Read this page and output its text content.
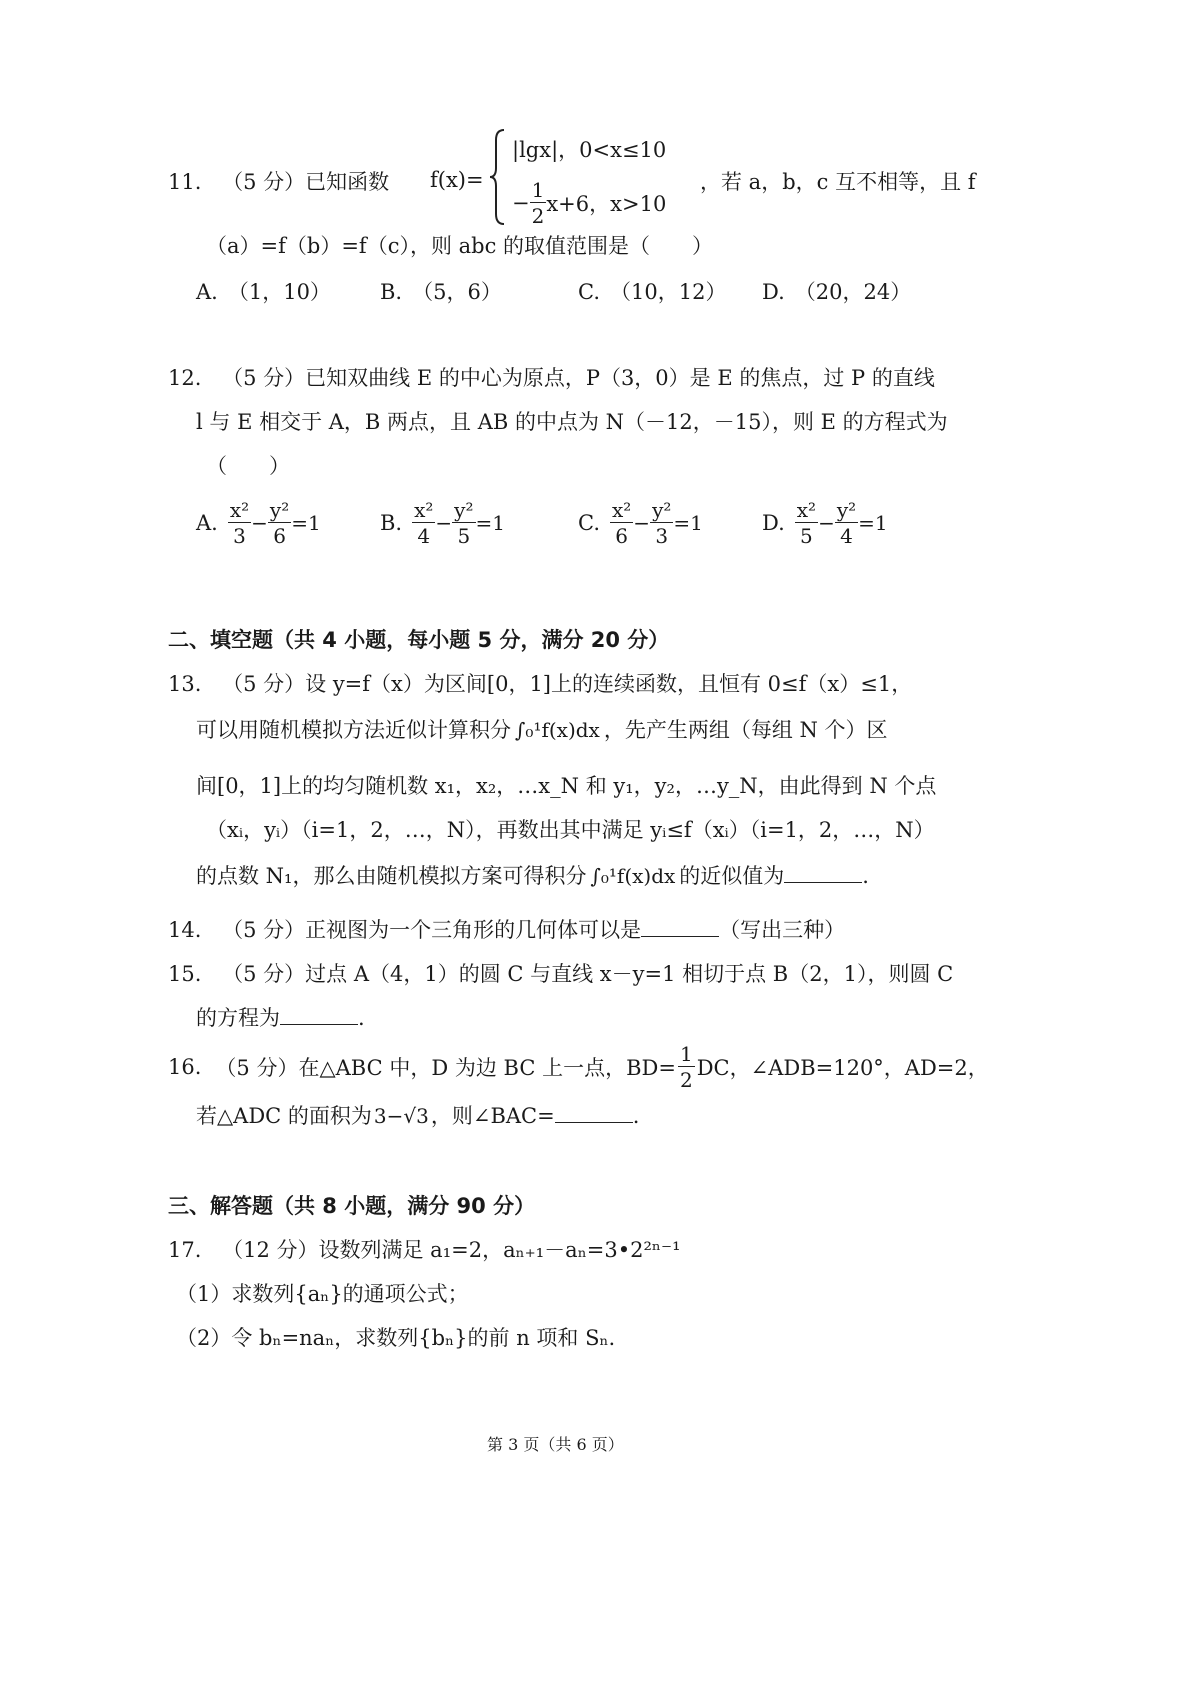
11. （5 分）已知函数 f(x)=
|lgx|，0<x≤10
− $\frac{1}{2} x+6$，x>10
，若 a，b，c 互不相等，且 f
（a）=f（b）=f（c），则 abc 的取值范围是（　　）
A. （1，10） B. （5，6）	C. （10，12） D. （20，24）
12. （5 分）已知双曲线 E 的中心为原点，P（3，0）是 E 的焦点，过 P 的直线
l 与 E 相交于 A，B 两点，且 AB 的中点为 N（－12，－15），则 E 的方程式为
（　　）
A. $\frac{\text{x²}}{3} - \frac{\text{y²}}{6} =1$	B. $\frac{\text{x²}}{4} - \frac{\text{y²}}{5} =1$	C. $\frac{\text{x²}}{6} - \frac{\text{y²}}{3} =1$	D. $\frac{\text{x²}}{5} - \frac{\text{y²}}{4} =1$
二、填空题（共 4 小题，每小题 5 分，满分 20 分）
13. （5 分）设 y=f（x）为区间[0，1]上的连续函数，且恒有 0≤f（x）≤1，
可以用随机模拟方法近似计算积分 ∫₀¹f(x)dx ，先产生两组（每组 N 个）区
间[0，1]上的均匀随机数 x₁，x₂，…x_N 和 y₁，y₂，…y_N，由此得到 N 个点
（xᵢ，yᵢ）（i=1，2，…，N），再数出其中满足 yᵢ≤f（xᵢ）（i=1，2，…，N）
的点数 N₁，那么由随机模拟方案可得积分 ∫₀¹f(x)dx 的近似值为	.
14. （5 分）正视图为一个三角形的几何体可以是	（写出三种）
15. （5 分）过点 A（4，1）的圆 C 与直线 x－y=1 相切于点 B（2，1），则圆 C
的方程为	.
16. （5 分） 在△ABC 中，D 为边 BC 上一点，$BD= \frac{1}{2}$ DC，∠ADB=120°，AD=2，
若△ADC 的面积为 3−√3，则∠BAC=	.
三、解答题（共 8 小题，满分 90 分）
17. （12 分）设数列满足 a₁=2，aₙ₊₁－aₙ=3•2²ⁿ⁻¹
（1）求数列{aₙ}的通项公式；
（2）令 bₙ=naₙ，求数列{bₙ}的前 n 项和 Sₙ.
第 3 页（共 6 页）
